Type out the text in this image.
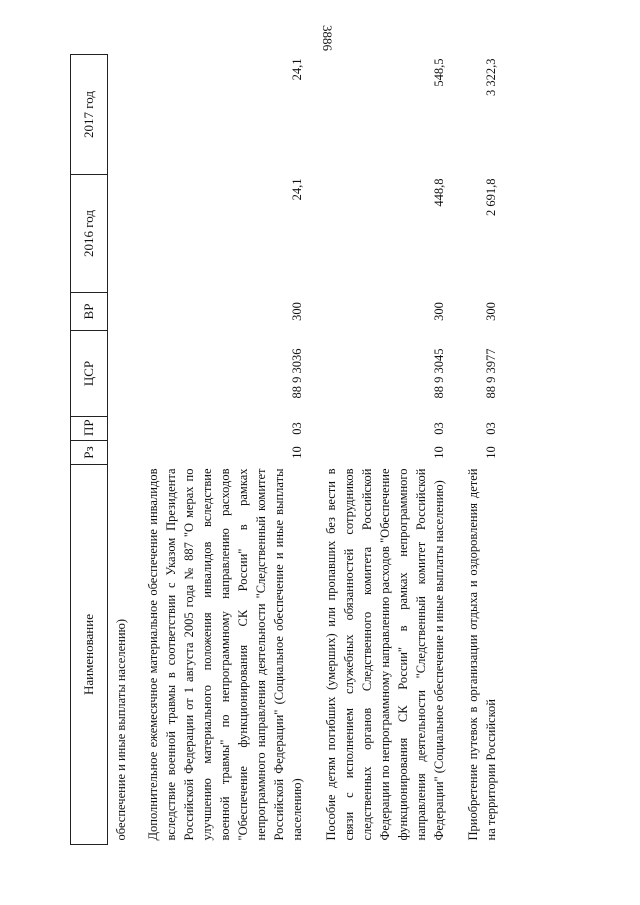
3886
Наименование	Рз	ПР	ЦСР	ВР	2016 год	2017 год
обеспечение и иные выплаты населению)						
Дополнительное ежемесячное материальное обеспечение инвалидов вследствие военной травмы в соответствии с Указом Президента Российской Федерации от 1 августа 2005 года № 887 "О мерах по улучшению материального положения инвалидов вследствие военной травмы" по непрограммному направлению расходов "Обеспечение функционирования СК России" в рамках непрограммного направления деятельности "Следственный комитет Российской Федерации" (Социальное обеспечение и иные выплаты населению)	10	03	88 9 3036	300	24,1	24,1
Пособие детям погибших (умерших) или пропавших без вести в связи с исполнением служебных обязанностей сотрудников следственных органов Следственного комитета Российской Федерации по непрограммному направлению расходов "Обеспечение функционирования СК России" в рамках непрограммного направления деятельности "Следственный комитет Российской Федерации" (Социальное обеспечение и иные выплаты населению)	10	03	88 9 3045	300	448,8	548,5
Приобретение путевок в организации отдыха и оздоровления детей на территории Российской	10	03	88 9 3977	300	2 691,8	3 322,3
